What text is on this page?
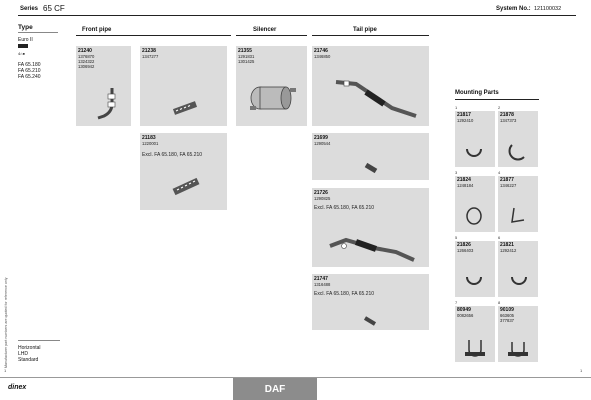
Series 65 CF	System No.: 121100032
Manufacturer part numbers are quoted for reference only
Type
Euro II
4⌂●
FA 65.180
FA 65.210
FA 65.240
Horizontal
LHD
Standard
Front pipe	Silencer	Tail pipe
21240
1376870
1324322
1306942
21238
1347277
21183
1220001
Excl. FA 65.180, FA 65.210
21355
1291831
1301425
21746
1346850
21699
1290544
21726
1290825
Excl. FA 65.180, FA 65.210
21747
1316488
Excl. FA 65.180, FA 65.210
Mounting Parts
1	2
21817
1292410
21878
1347373
3	4
21824
1248184
21877
1346227
5	6
21826
1266403
21821
1292412
7	8
80949
0082656
90109
663605
377837
dinex	DAF
1	1
